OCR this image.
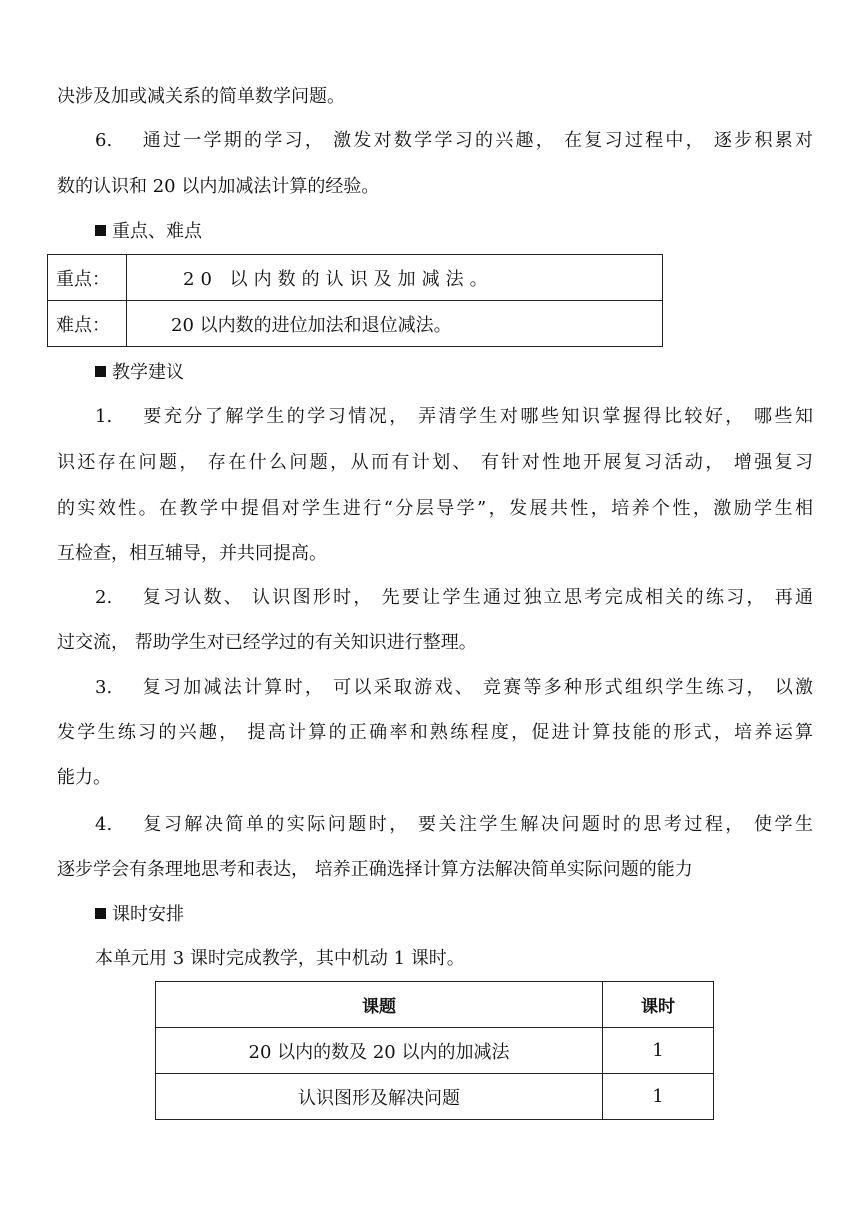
决涉及加或减关系的简单数学问题。
6.　 通过一学期的学习， 激发对数学学习的兴趣， 在复习过程中， 逐步积累对
数的认识和 20 以内加减法计算的经验。
重点、难点
重点：	20 以内数的认识及加减法。
难点：	20 以内数的进位加法和退位减法。
教学建议
1.　 要充分了解学生的学习情况， 弄清学生对哪些知识掌握得比较好， 哪些知
识还存在问题， 存在什么问题，从而有计划、 有针对性地开展复习活动， 增强复习
的实效性。在教学中提倡对学生进行“分层导学”，发展共性，培养个性，激励学生相
互检查，相互辅导，并共同提高。
2.　 复习认数、 认识图形时， 先要让学生通过独立思考完成相关的练习， 再通
过交流， 帮助学生对已经学过的有关知识进行整理。
3.　 复习加减法计算时， 可以采取游戏、 竞赛等多种形式组织学生练习， 以激
发学生练习的兴趣， 提高计算的正确率和熟练程度，促进计算技能的形式，培养运算
能力。
4.　 复习解决简单的实际问题时， 要关注学生解决问题时的思考过程， 使学生
逐步学会有条理地思考和表达， 培养正确选择计算方法解决简单实际问题的能力
课时安排
本单元用 3 课时完成教学，其中机动 1 课时。
课题	课时
20 以内的数及 20 以内的加减法	1
认识图形及解决问题	1
